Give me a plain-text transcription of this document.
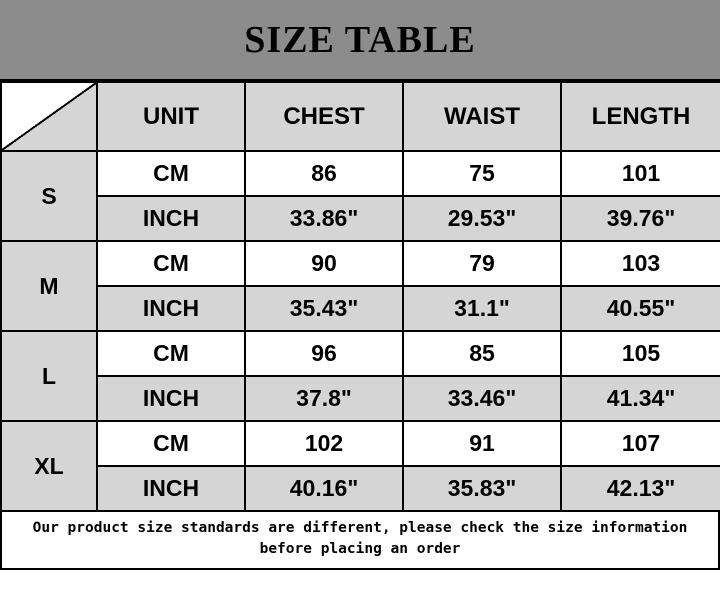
SIZE TABLE
	UNIT	CHEST	WAIST	LENGTH
S	CM	86	75	101
	INCH	33.86"	29.53"	39.76"
M	CM	90	79	103
	INCH	35.43"	31.1"	40.55"
L	CM	96	85	105
	INCH	37.8"	33.46"	41.34"
XL	CM	102	91	107
	INCH	40.16"	35.83"	42.13"
Our product size standards are different, please check the size information
before placing an order
